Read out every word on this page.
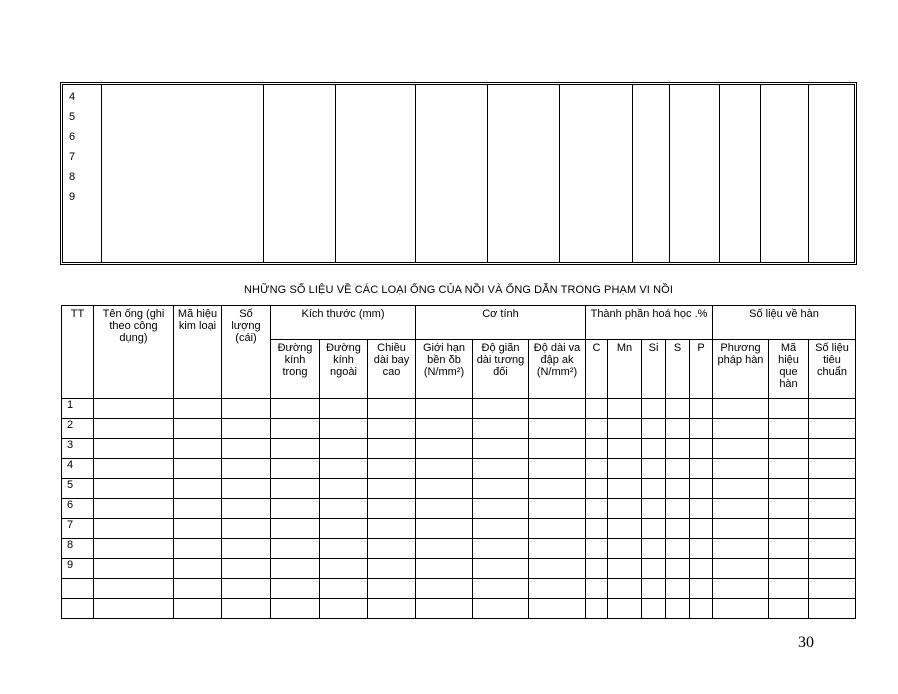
4
5
6
7
8
9
NHỮNG SỐ LIỆU VỀ CÁC LOẠI ỐNG CỦA NỒI VÀ ỐNG DẪN TRONG PHẠM VI NỒI
TT	Tên ống (ghi theo công dụng)	Mã hiệu kim loại	Số lượng (cái)	Kích thước (mm)			Cơ tính			Thành phần hoá học .%					Số liệu về hàn		
				Đường kính trong	Đường kính ngoài	Chiều dài bay cao	Giới hạn bền δb (N/mm²)	Độ giãn dài tương đối	Độ dài va đập ak (N/mm²)	C	Mn	Si	S	P	Phương pháp hàn	Mã hiệu que hàn	Số liệu tiêu chuẩn
1																	
2																	
3																	
4																	
5																	
6																	
7																	
8																	
9																	

30
